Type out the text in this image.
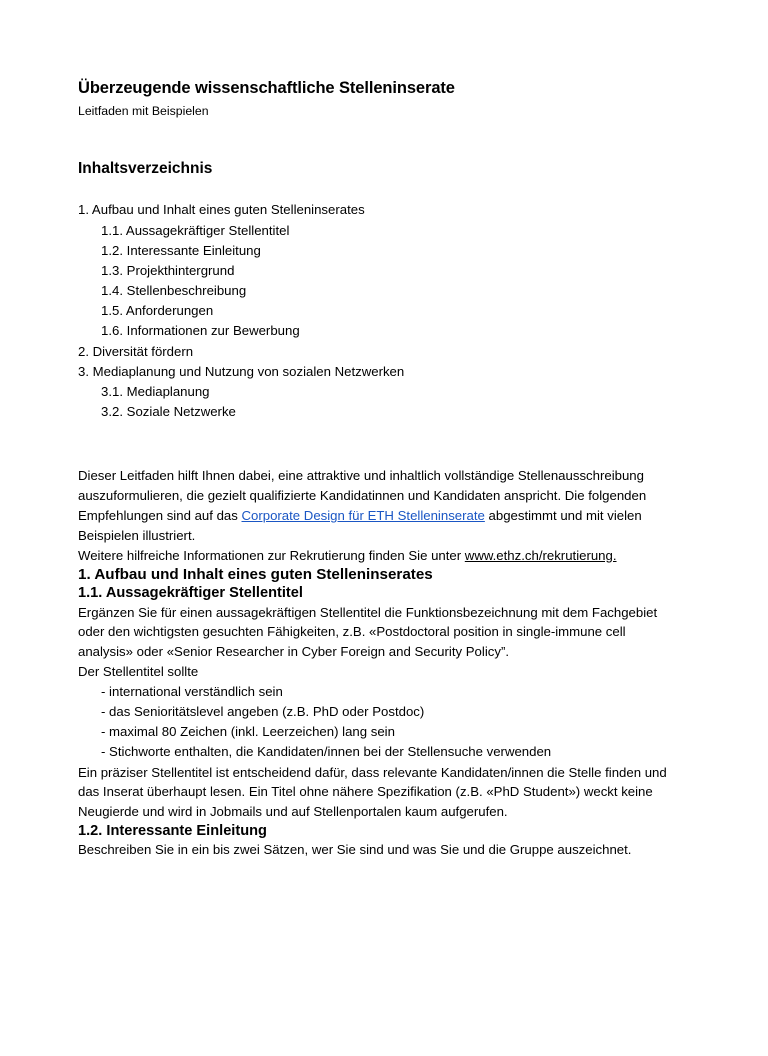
Überzeugende wissenschaftliche Stelleninserate
Leitfaden mit Beispielen
Inhaltsverzeichnis
1. Aufbau und Inhalt eines guten Stelleninserates
1.1. Aussagekräftiger Stellentitel
1.2. Interessante Einleitung
1.3. Projekthintergrund
1.4. Stellenbeschreibung
1.5. Anforderungen
1.6. Informationen zur Bewerbung
2. Diversität fördern
3. Mediaplanung und Nutzung von sozialen Netzwerken
3.1. Mediaplanung
3.2. Soziale Netzwerke

Dieser Leitfaden hilft Ihnen dabei, eine attraktive und inhaltlich vollständige Stellenausschreibung auszuformulieren, die gezielt qualifizierte Kandidatinnen und Kandidaten anspricht. Die folgenden Empfehlungen sind auf das Corporate Design für ETH Stelleninserate abgestimmt und mit vielen Beispielen illustriert.

Weitere hilfreiche Informationen zur Rekrutierung finden Sie unter www.ethz.ch/rekrutierung.

1. Aufbau und Inhalt eines guten Stelleninserates
1.1. Aussagekräftiger Stellentitel

Ergänzen Sie für einen aussagekräftigen Stellentitel die Funktionsbezeichnung mit dem Fachgebiet oder den wichtigsten gesuchten Fähigkeiten, z.B. «Postdoctoral position in single-immune cell analysis» oder «Senior Researcher in Cyber Foreign and Security Policy”.

Der Stellentitel sollte

- international verständlich sein
- das Senioritätslevel angeben (z.B. PhD oder Postdoc)
- maximal 80 Zeichen (inkl. Leerzeichen) lang sein
- Stichworte enthalten, die Kandidaten/innen bei der Stellensuche verwenden

Ein präziser Stellentitel ist entscheidend dafür, dass relevante Kandidaten/innen die Stelle finden und das Inserat überhaupt lesen. Ein Titel ohne nähere Spezifikation (z.B. «PhD Student») weckt keine Neugierde und wird in Jobmails und auf Stellenportalen kaum aufgerufen.

1.2. Interessante Einleitung

Beschreiben Sie in ein bis zwei Sätzen, wer Sie sind und was Sie und die Gruppe auszeichnet.
